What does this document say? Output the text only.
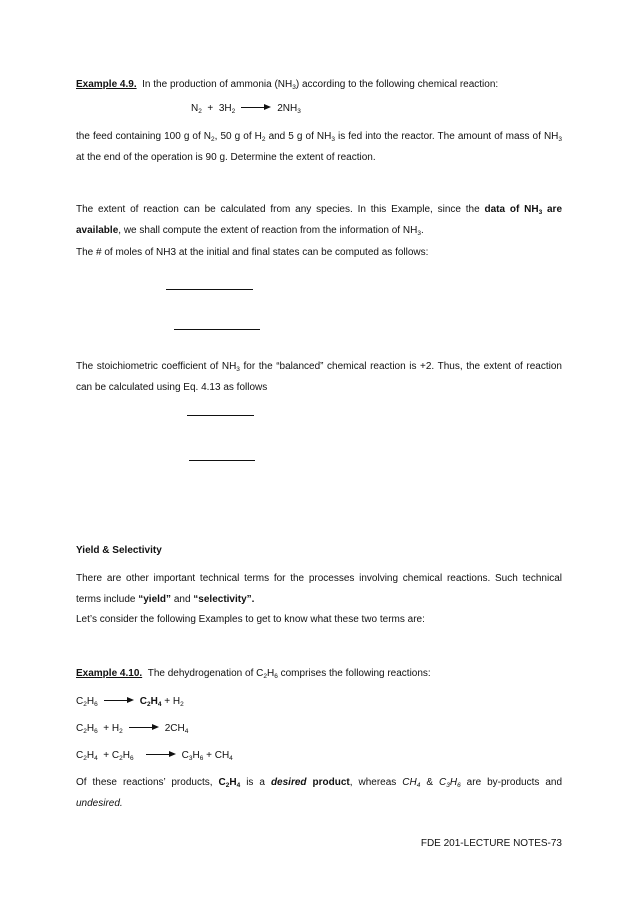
Example 4.9. In the production of ammonia $(NH_3)$ according to the following chemical reaction:
$N_2 + 3H_2$	$2NH_3$
the feed containing 100 g of $N_2$, 50 g of $H_2$ and 5 g of $NH_3$ is fed into the reactor. The amount of mass of $NH_3$ at the end of the operation is 90 g. Determine the extent of reaction.
The extent of reaction can be calculated from any species. In this Example, since the data of $NH_3$ are available, we shall compute the extent of reaction from the information of $NH_3$.
The # of moles of NH3 at the initial and final states can be computed as follows:
The stoichiometric coefficient of $NH_3$ for the “balanced” chemical reaction is +2. Thus, the extent of reaction can be calculated using Eq. 4.13 as follows
Yield & Selectivity
There are other important technical terms for the processes involving chemical reactions. Such technical terms include “yield” and “selectivity”.
Let’s consider the following Examples to get to know what these two terms are:
Example 4.10. The dehydrogenation of $C_2H_6$ comprises the following reactions:
$C_2H_6$	$C_2H_4 + H_2$
$C_2H_6 + H_2$	$2CH_4$
$C_2H_4 + C_2H_6$	$C_3H_6 + CH_4$
Of these reactions’ products, $C_2H_4$ is a desired product, whereas $CH_4$ & $C_3H_6$ are by-products and undesired.
FDE 201-LECTURE NOTES-73
